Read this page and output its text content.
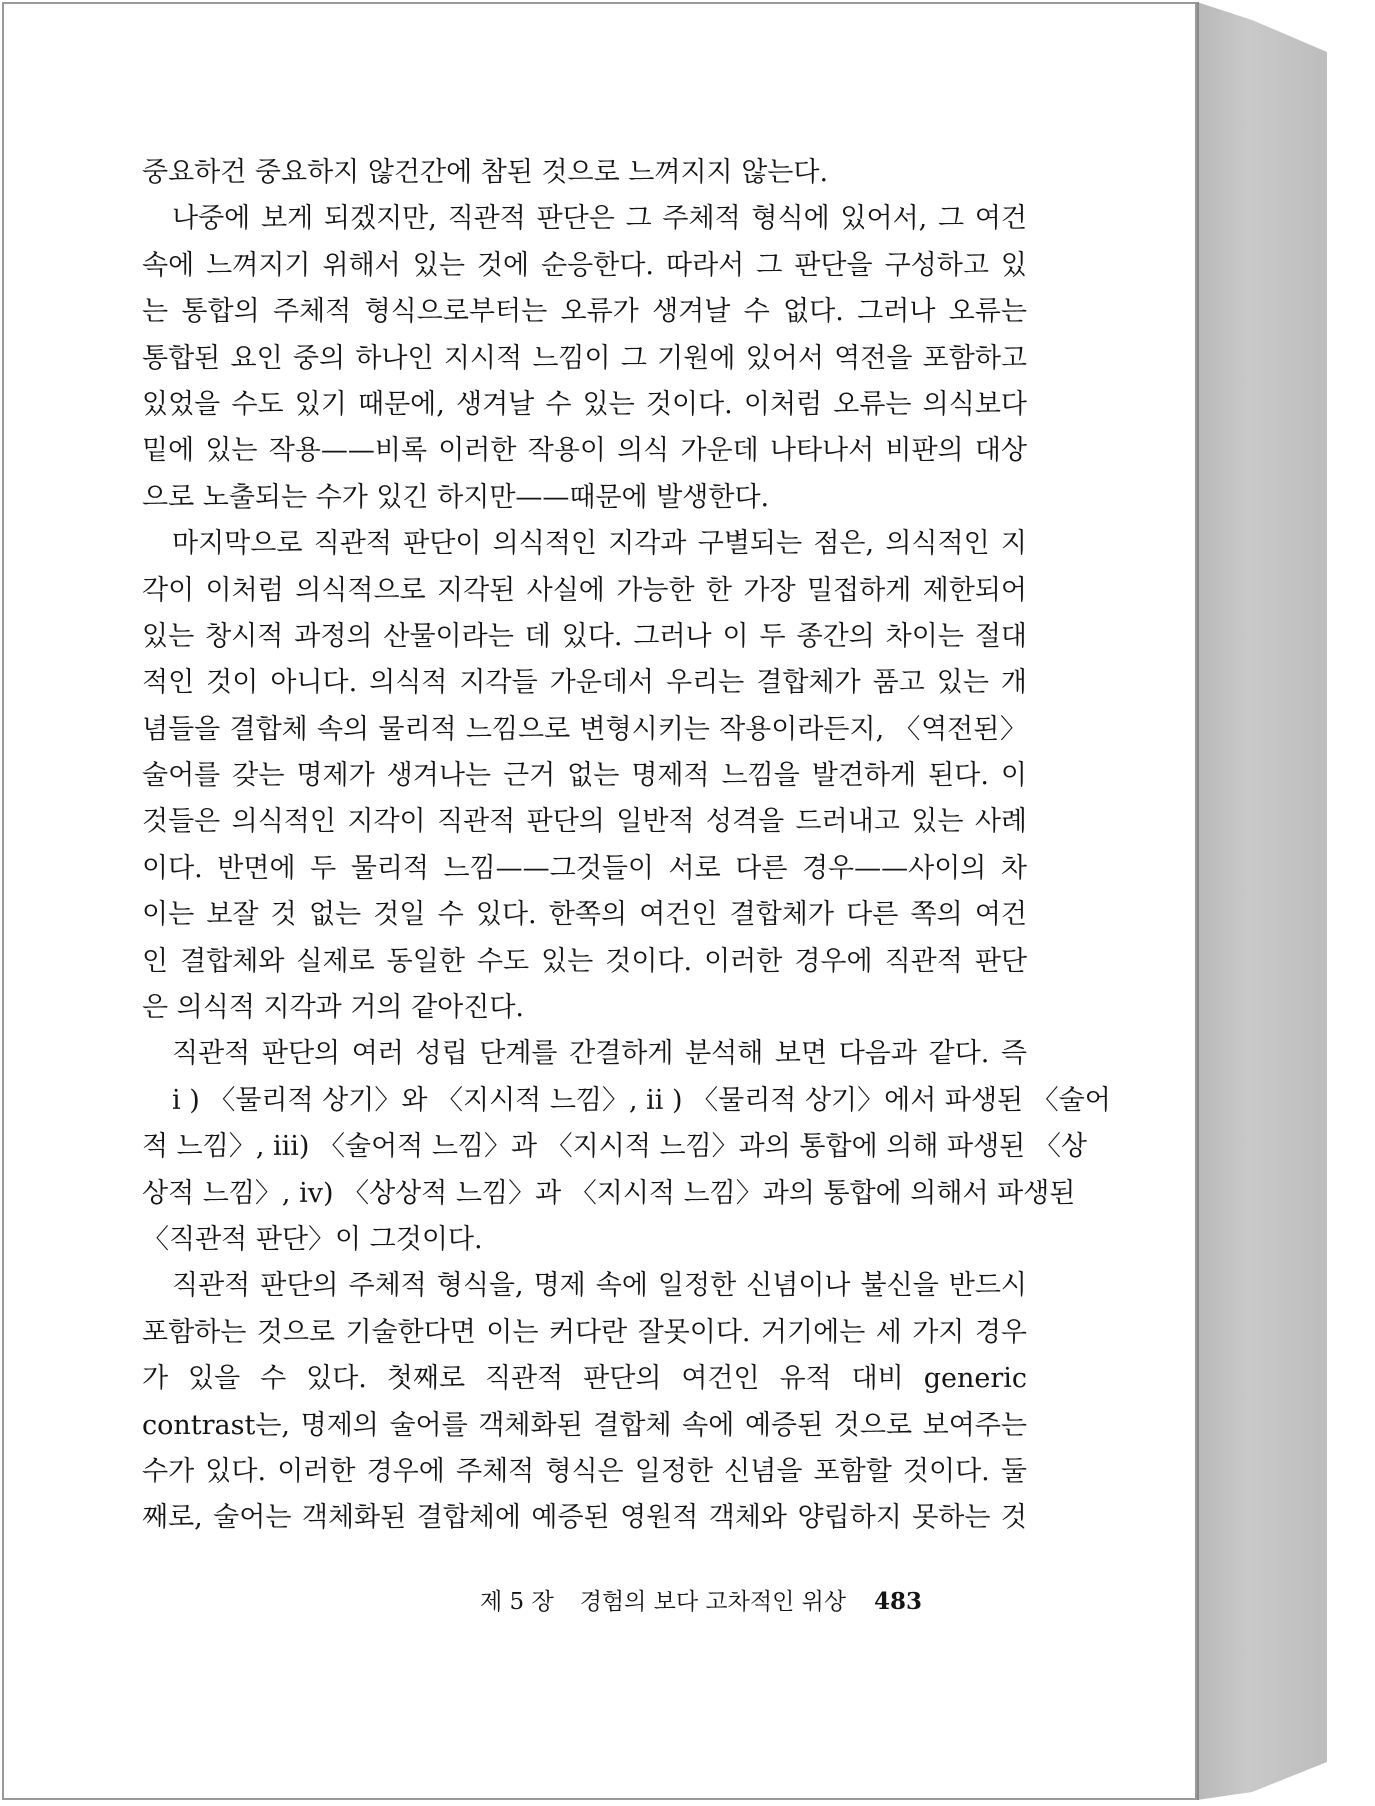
중요하건 중요하지 않건간에 참된 것으로 느껴지지 않는다.
나중에 보게 되겠지만, 직관적 판단은 그 주체적 형식에 있어서, 그 여건
속에 느껴지기 위해서 있는 것에 순응한다. 따라서 그 판단을 구성하고 있
는 통합의 주체적 형식으로부터는 오류가 생겨날 수 없다. 그러나 오류는
통합된 요인 중의 하나인 지시적 느낌이 그 기원에 있어서 역전을 포함하고
있었을 수도 있기 때문에, 생겨날 수 있는 것이다. 이처럼 오류는 의식보다
밑에 있는 작용——비록 이러한 작용이 의식 가운데 나타나서 비판의 대상
으로 노출되는 수가 있긴 하지만——때문에 발생한다.
마지막으로 직관적 판단이 의식적인 지각과 구별되는 점은, 의식적인 지
각이 이처럼 의식적으로 지각된 사실에 가능한 한 가장 밀접하게 제한되어
있는 창시적 과정의 산물이라는 데 있다. 그러나 이 두 종간의 차이는 절대
적인 것이 아니다. 의식적 지각들 가운데서 우리는 결합체가 품고 있는 개
념들을 결합체 속의 물리적 느낌으로 변형시키는 작용이라든지, 〈역전된〉
술어를 갖는 명제가 생겨나는 근거 없는 명제적 느낌을 발견하게 된다. 이
것들은 의식적인 지각이 직관적 판단의 일반적 성격을 드러내고 있는 사례
이다. 반면에 두 물리적 느낌——그것들이 서로 다른 경우——사이의 차
이는 보잘 것 없는 것일 수 있다. 한쪽의 여건인 결합체가 다른 쪽의 여건
인 결합체와 실제로 동일한 수도 있는 것이다. 이러한 경우에 직관적 판단
은 의식적 지각과 거의 같아진다.
직관적 판단의 여러 성립 단계를 간결하게 분석해 보면 다음과 같다. 즉
i ) 〈물리적 상기〉와 〈지시적 느낌〉, ii ) 〈물리적 상기〉에서 파생된 〈술어
적 느낌〉, iii) 〈술어적 느낌〉과 〈지시적 느낌〉과의 통합에 의해 파생된 〈상
상적 느낌〉, iv) 〈상상적 느낌〉과 〈지시적 느낌〉과의 통합에 의해서 파생된
〈직관적 판단〉이 그것이다.
직관적 판단의 주체적 형식을, 명제 속에 일정한 신념이나 불신을 반드시
포함하는 것으로 기술한다면 이는 커다란 잘못이다. 거기에는 세 가지 경우
가 있을 수 있다. 첫째로 직관적 판단의 여건인 유적 대비 generic
contrast는, 명제의 술어를 객체화된 결합체 속에 예증된 것으로 보여주는
수가 있다. 이러한 경우에 주체적 형식은 일정한 신념을 포함할 것이다. 둘
째로, 술어는 객체화된 결합체에 예증된 영원적 객체와 양립하지 못하는 것
제 5 장 경험의 보다 고차적인 위상 483
